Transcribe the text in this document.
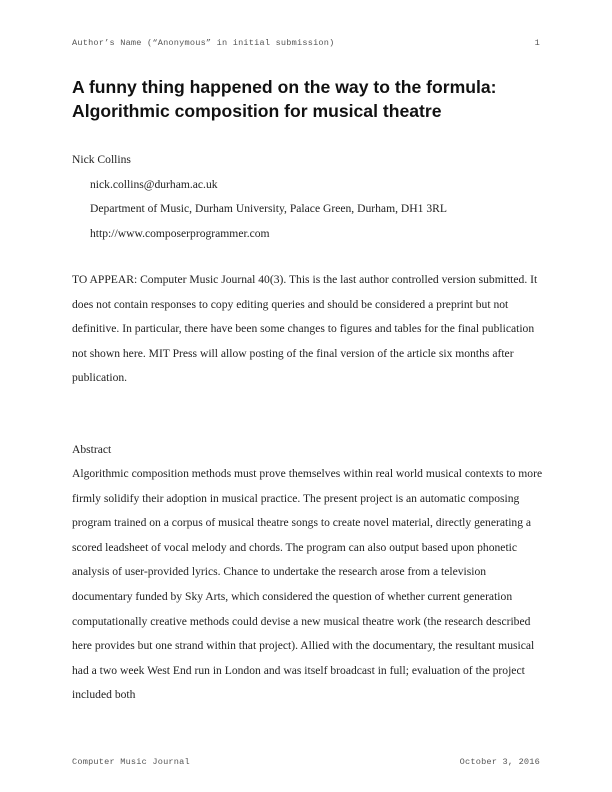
Author’s Name (“Anonymous” in initial submission)	1
A funny thing happened on the way to the formula:
Algorithmic composition for musical theatre
Nick Collins
nick.collins@durham.ac.uk
Department of Music, Durham University, Palace Green, Durham, DH1 3RL
http://www.composerprogrammer.com

TO APPEAR: Computer Music Journal 40(3). This is the last author controlled version submitted. It does not contain responses to copy editing queries and should be considered a preprint but not definitive. In particular, there have been some changes to figures and tables for the final publication not shown here. MIT Press will allow posting of the final version of the article six months after publication.

Abstract

Algorithmic composition methods must prove themselves within real world musical contexts to more firmly solidify their adoption in musical practice. The present project is an automatic composing program trained on a corpus of musical theatre songs to create novel material, directly generating a scored leadsheet of vocal melody and chords. The program can also output based upon phonetic analysis of user-provided lyrics. Chance to undertake the research arose from a television documentary funded by Sky Arts, which considered the question of whether current generation computationally creative methods could devise a new musical theatre work (the research described here provides but one strand within that project). Allied with the documentary, the resultant musical had a two week West End run in London and was itself broadcast in full; evaluation of the project included both

Computer Music Journal	October 3, 2016
